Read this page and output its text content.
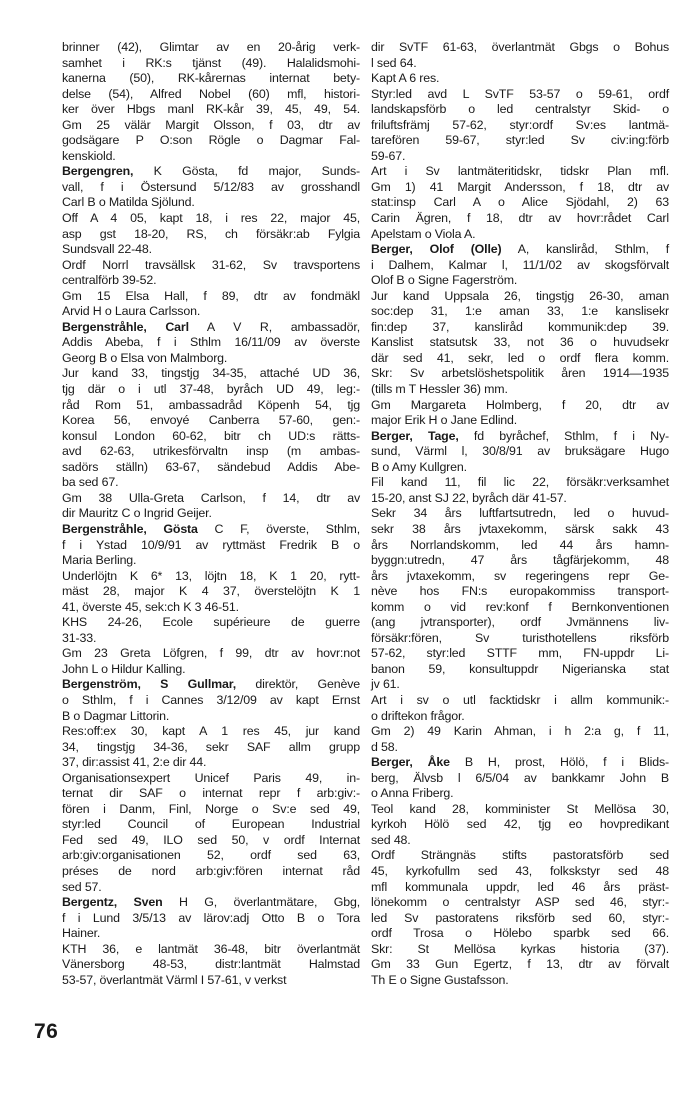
brinner (42), Glimtar av en 20-årig verk-
samhet i RK:s tjänst (49). Halalidsmohi-
kanerna (50), RK-kårernas internat bety-
delse (54), Alfred Nobel (60) mfl, histori-
ker över Hbgs manl RK-kår 39, 45, 49, 54.
Gm 25 välär Margit Olsson, f 03, dtr av
godsägare P O:son Rögle o Dagmar Fal-
kenskiold.
Bergengren, K Gösta, fd major, Sunds-
vall, f i Östersund 5/12/83 av grosshandl
Carl B o Matilda Sjölund.
Off A 4 05, kapt 18, i res 22, major 45,
asp gst 18-20, RS, ch försäkr:ab Fylgia
Sundsvall 22-48.
Ordf Norrl travsällsk 31-62, Sv travsportens
centralförb 39-52.
Gm 15 Elsa Hall, f 89, dtr av fondmäkl
Arvid H o Laura Carlsson.
Bergenstråhle, Carl A V R, ambassadör,
Addis Abeba, f i Sthlm 16/11/09 av överste
Georg B o Elsa von Malmborg.
Jur kand 33, tingstjg 34-35, attaché UD 36,
tjg där o i utl 37-48, byråch UD 49, leg:-
råd Rom 51, ambassadråd Köpenh 54, tjg
Korea 56, envoyé Canberra 57-60, gen:-
konsul London 60-62, bitr ch UD:s rätts-
avd 62-63, utrikesförvaltn insp (m ambas-
sadörs ställn) 63-67, sändebud Addis Abe-
ba sed 67.
Gm 38 Ulla-Greta Carlson, f 14, dtr av
dir Mauritz C o Ingrid Geijer.
Bergenstråhle, Gösta C F, överste, Sthlm,
f i Ystad 10/9/91 av ryttmäst Fredrik B o
Maria Berling.
Underlöjtn K 6* 13, löjtn 18, K 1 20, rytt-
mäst 28, major K 4 37, överstelöjtn K 1
41, överste 45, sek:ch K 3 46-51.
KHS 24-26, Ecole supérieure de guerre
31-33.
Gm 23 Greta Löfgren, f 99, dtr av hovr:not
John L o Hildur Kalling.
Bergenström, S Gullmar, direktör, Genève
o Sthlm, f i Cannes 3/12/09 av kapt Ernst
B o Dagmar Littorin.
Res:off:ex 30, kapt A 1 res 45, jur kand
34, tingstjg 34-36, sekr SAF allm grupp
37, dir:assist 41, 2:e dir 44.
Organisationsexpert Unicef Paris 49, in-
ternat dir SAF o internat repr f arb:giv:-
fören i Danm, Finl, Norge o Sv:e sed 49,
styr:led Council of European Industrial
Fed sed 49, ILO sed 50, v ordf Internat
arb:giv:organisationen 52, ordf sed 63,
préses de nord arb:giv:fören internat råd
sed 57.
Bergentz, Sven H G, överlantmätare, Gbg,
f i Lund 3/5/13 av lärov:adj Otto B o Tora
Hainer.
KTH 36, e lantmät 36-48, bitr överlantmät
Vänersborg 48-53, distr:lantmät Halmstad
53-57, överlantmät Värml I 57-61, v verkst
dir SvTF 61-63, överlantmät Gbgs o Bohus
l sed 64.
Kapt A 6 res.
Styr:led avd L SvTF 53-57 o 59-61, ordf
landskapsförb o led centralstyr Skid- o
friluftsfrämj 57-62, styr:ordf Sv:es lantmä-
tarefören 59-67, styr:led Sv civ:ing:förb
59-67.
Art i Sv lantmäteritidskr, tidskr Plan mfl.
Gm 1) 41 Margit Andersson, f 18, dtr av
stat:insp Carl A o Alice Sjödahl, 2) 63
Carin Ägren, f 18, dtr av hovr:rådet Carl
Apelstam o Viola A.
Berger, Olof (Olle) A, kansliråd, Sthlm, f
i Dalhem, Kalmar l, 11/1/02 av skogsförvalt
Olof B o Signe Fagerström.
Jur kand Uppsala 26, tingstjg 26-30, aman
soc:dep 31, 1:e aman 33, 1:e kanslisekr
fin:dep 37, kansliråd kommunik:dep 39.
Kanslist statsutsk 33, not 36 o huvudsekr
där sed 41, sekr, led o ordf flera komm.
Skr: Sv arbetslöshetspolitik åren 1914—1935
(tills m T Hessler 36) mm.
Gm Margareta Holmberg, f 20, dtr av
major Erik H o Jane Edlind.
Berger, Tage, fd byråchef, Sthlm, f i Ny-
sund, Värml l, 30/8/91 av bruksägare Hugo
B o Amy Kullgren.
Fil kand 11, fil lic 22, försäkr:verksamhet
15-20, anst SJ 22, byråch där 41-57.
Sekr 34 års luftfartsutredn, led o huvud-
sekr 38 års jvtaxekomm, särsk sakk 43
års Norrlandskomm, led 44 års hamn-
byggn:utredn, 47 års tågfärjekomm, 48
års jvtaxekomm, sv regeringens repr Ge-
nève hos FN:s europakommiss transport-
komm o vid rev:konf f Bernkonventionen
(ang jvtransporter), ordf Jvmännens liv-
försäkr:fören, Sv turisthotellens riksförb
57-62, styr:led STTF mm, FN-uppdr Li-
banon 59, konsultuppdr Nigerianska stat
jv 61.
Art i sv o utl facktidskr i allm kommunik:-
o driftekon frågor.
Gm 2) 49 Karin Ahman, i h 2:a g, f 11,
d 58.
Berger, Åke B H, prost, Hölö, f i Blids-
berg, Älvsb l 6/5/04 av bankkamr John B
o Anna Friberg.
Teol kand 28, komminister St Mellösa 30,
kyrkoh Hölö sed 42, tjg eo hovpredikant
sed 48.
Ordf Strängnäs stifts pastoratsförb sed
45, kyrkofullm sed 43, folkskstyr sed 48
mfl kommunala uppdr, led 46 års präst-
lönekomm o centralstyr ASP sed 46, styr:-
led Sv pastoratens riksförb sed 60, styr:-
ordf Trosa o Hölebo sparbk sed 66.
Skr: St Mellösa kyrkas historia (37).
Gm 33 Gun Egertz, f 13, dtr av förvalt
Th E o Signe Gustafsson.
76
